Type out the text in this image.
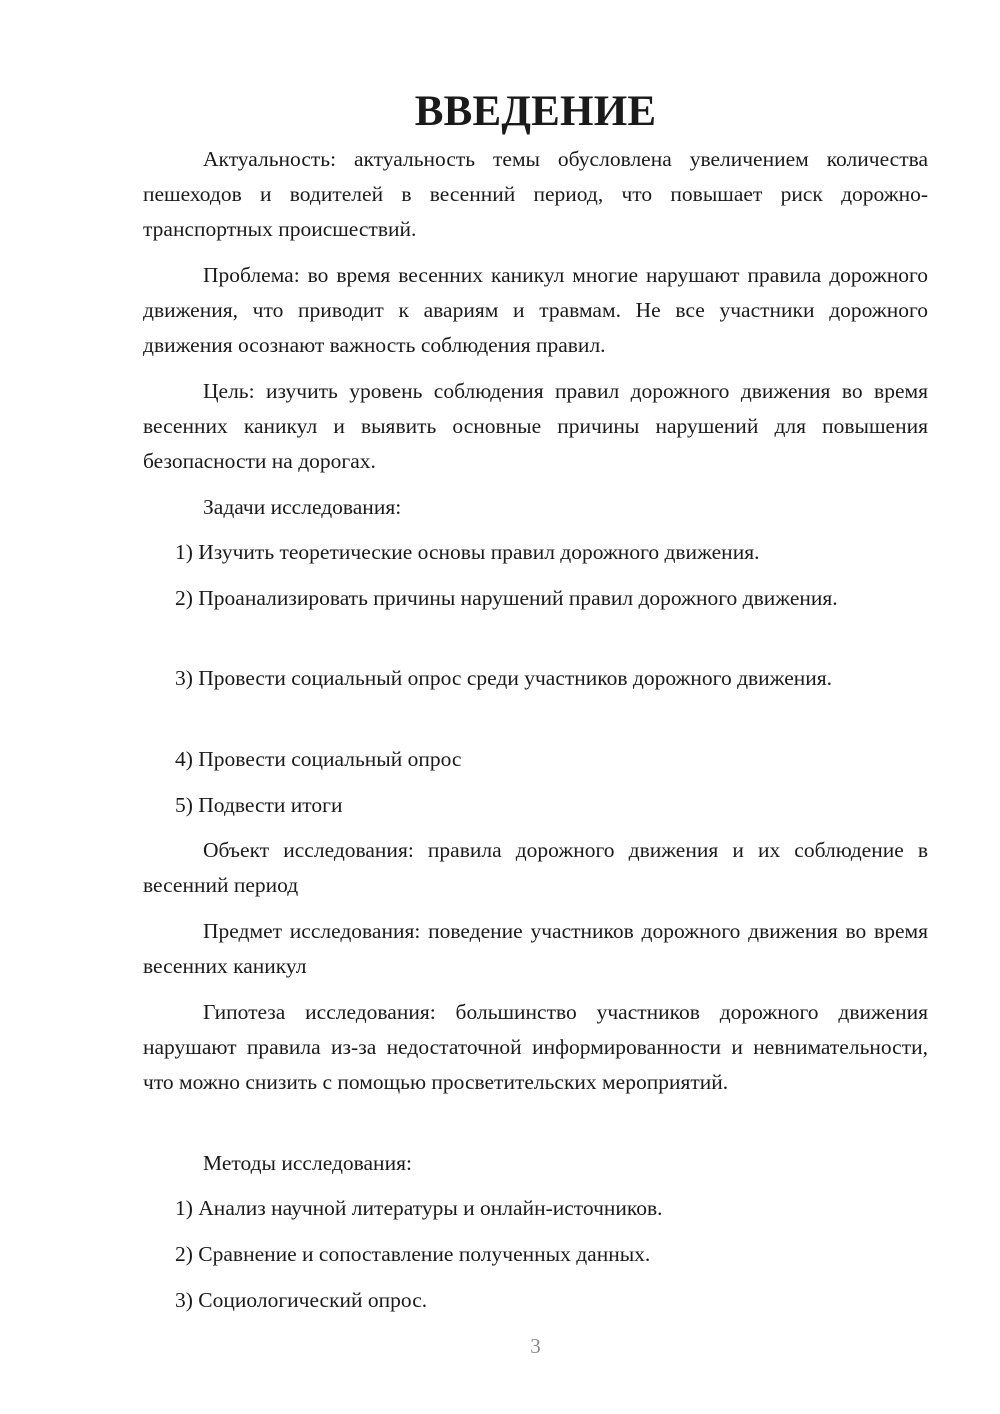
ВВЕДЕНИЕ

Актуальность: актуальность темы обусловлена увеличением количества пешеходов и водителей в весенний период, что повышает риск дорожно-транспортных происшествий.

Проблема: во время весенних каникул многие нарушают правила дорожного движения, что приводит к авариям и травмам. Не все участники дорожного движения осознают важность соблюдения правил.

Цель: изучить уровень соблюдения правил дорожного движения во время весенних каникул и выявить основные причины нарушений для повышения безопасности на дорогах.

Задачи исследования:

1) Изучить теоретические основы правил дорожного движения.

2) Проанализировать причины нарушений правил дорожного движения.

3) Провести социальный опрос среди участников дорожного движения.

4) Провести социальный опрос

5) Подвести итоги

Объект исследования: правила дорожного движения и их соблюдение в весенний период

Предмет исследования: поведение участников дорожного движения во время весенних каникул

Гипотеза исследования: большинство участников дорожного движения нарушают правила из-за недостаточной информированности и невнимательности, что можно снизить с помощью просветительских мероприятий.

Методы исследования:

1) Анализ научной литературы и онлайн-источников.

2) Сравнение и сопоставление полученных данных.

3) Социологический опрос.

3
